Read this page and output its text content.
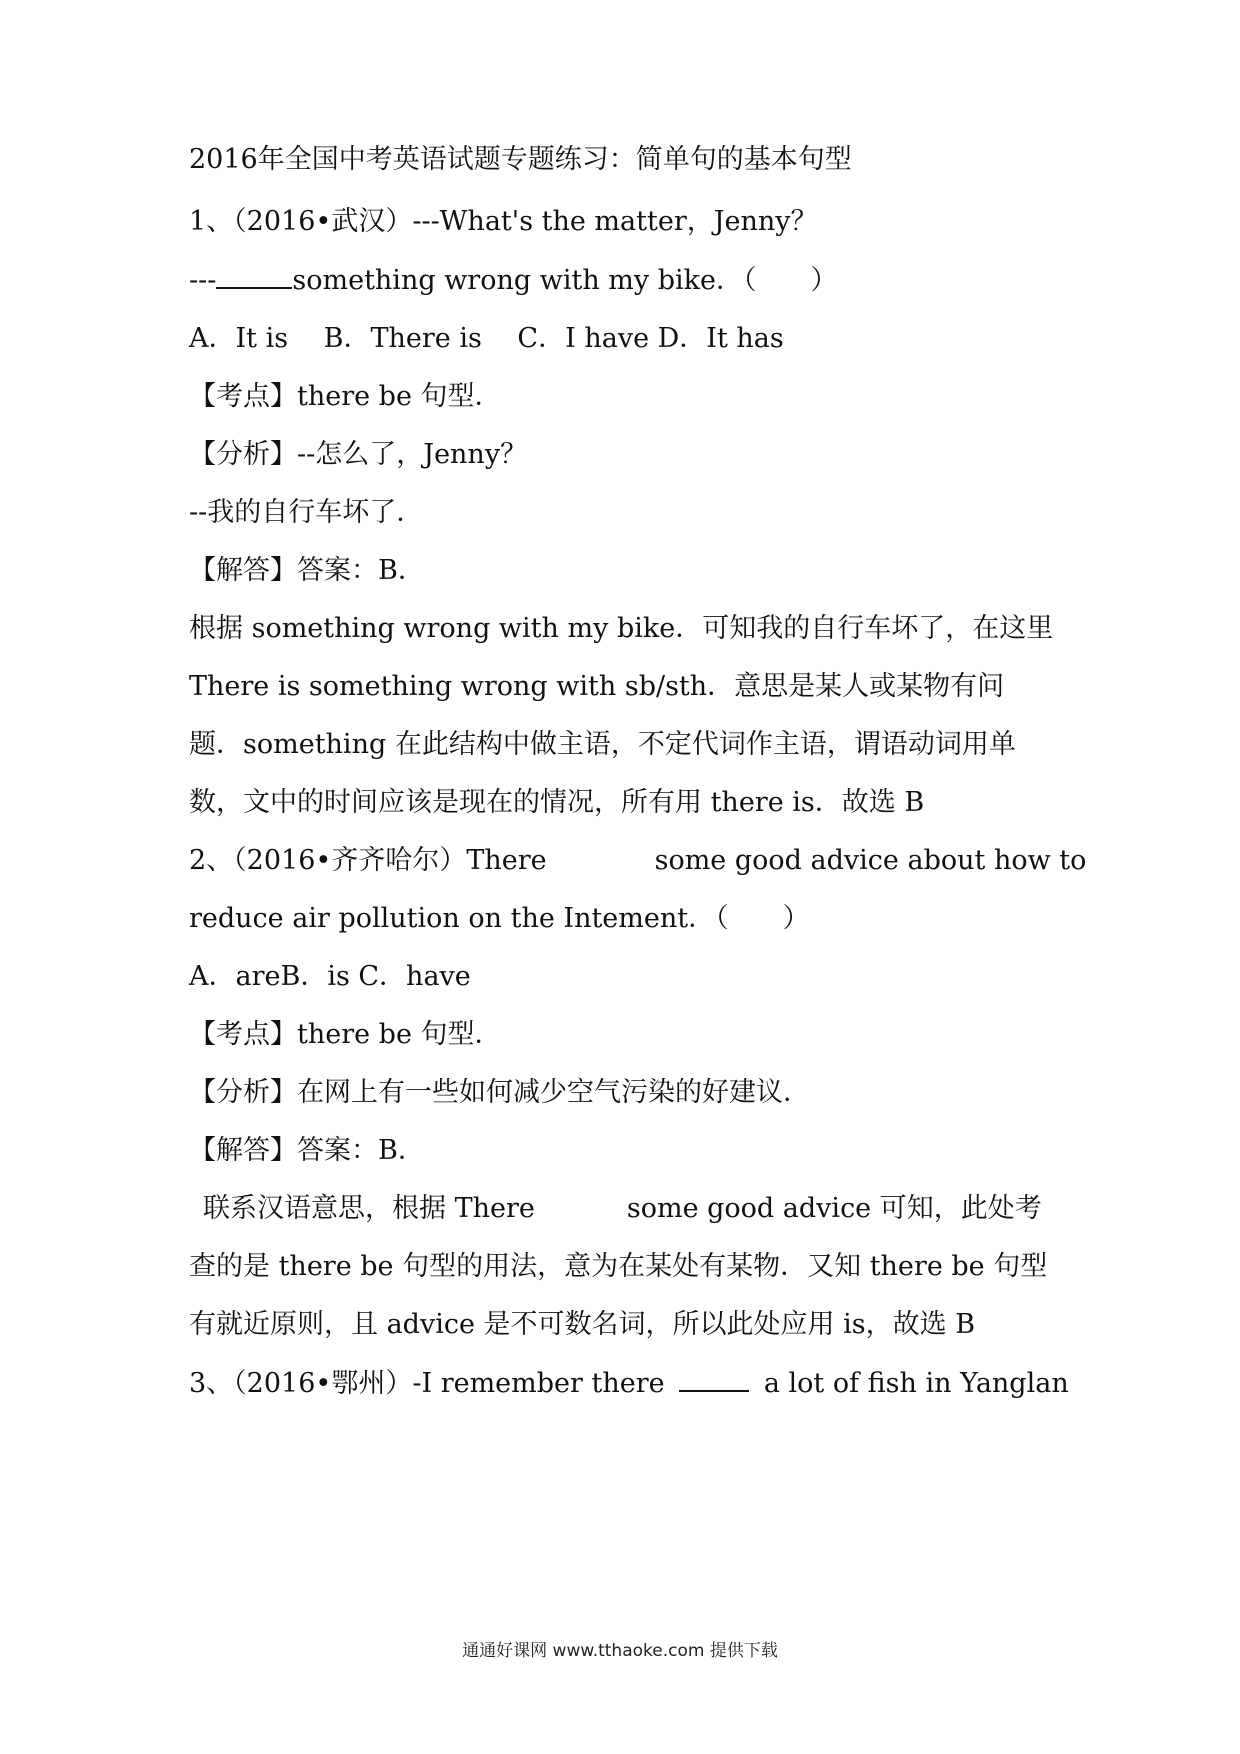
2016年全国中考英语试题专题练习：简单句的基本句型
1、（2016•武汉）---What's the matter，Jenny？
---	something wrong with my bike．（　　）
A．It is　 B．There is　 C．I have D．It has
【考点】there be 句型．
【分析】--怎么了，Jenny？
--我的自行车坏了．
【解答】答案：B．
根据 something wrong with my bike．可知我的自行车坏了，在这里
There is something wrong with sb/sth．意思是某人或某物有问
题．something 在此结构中做主语，不定代词作主语，谓语动词用单
数，文中的时间应该是现在的情况，所有用 there is．故选 B
2、（2016•齐齐哈尔）There	some good advice about how to
reduce air pollution on the Intement．（　　）
A．areB．is C．have
【考点】there be 句型．
【分析】在网上有一些如何减少空气污染的好建议．
【解答】答案：B．
联系汉语意思，根据 There	some good advice 可知，此处考
查的是 there be 句型的用法，意为在某处有某物．又知 there be 句型
有就近原则，且 advice 是不可数名词，所以此处应用 is，故选 B
3、（2016•鄂州）-I remember there	a lot of fish in Yanglan
通通好课网 www.tthaoke.com 提供下载
